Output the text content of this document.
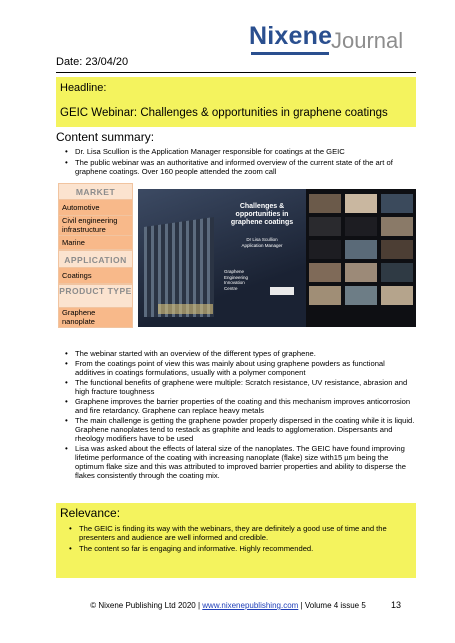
Nixene
Journal
Date: 23/04/20
Headline:
GEIC Webinar: Challenges & opportunities in graphene coatings
Content summary:
• Dr. Lisa Scullion is the Application Manager responsible for coatings at the GEIC
• The public webinar was an authoritative and informed overview of the current state of the art of graphene coatings. Over 160 people attended the zoom call
MARKET
Automotive
Civil engineering infrastructure
Marine
APPLICATION
Coatings
PRODUCT TYPE
Graphene nanoplate
Challenges & opportunities in graphene coatings
Dr Lisa Scullion
Application Manager
Graphene
Engineering
Innovation
Centre
• The webinar started with an overview of the different types of graphene.
• From the coatings point of view this was mainly about using graphene powders as functional additives in coatings formulations, usually with a polymer component
• The functional benefits of graphene were multiple: Scratch resistance, UV resistance, abrasion and high fracture toughness
• Graphene improves the barrier properties of the coating and this mechanism improves anticorrosion and fire retardancy. Graphene can replace heavy metals
• The main challenge is getting the graphene powder properly dispersed in the coating while it is liquid. Graphene nanoplates tend to restack as graphite and leads to agglomeration. Dispersants and rheology modifiers have to be used
• Lisa was asked about the effects of lateral size of the nanoplates. The GEIC have found improving lifetime performance of the coating with increasing nanoplate (flake) size with15 µm being the optimum flake size and this was attributed to improved barrier properties and ability to disperse the flakes consistently through the coating mix.
Relevance:
• The GEIC is finding its way with the webinars, they are definitely a good use of time and the presenters and audience are well informed and credible.
• The content so far is engaging and informative. Highly recommended.
© Nixene Publishing Ltd 2020 | www.nixenepublishing.com | Volume 4 issue 5	13
